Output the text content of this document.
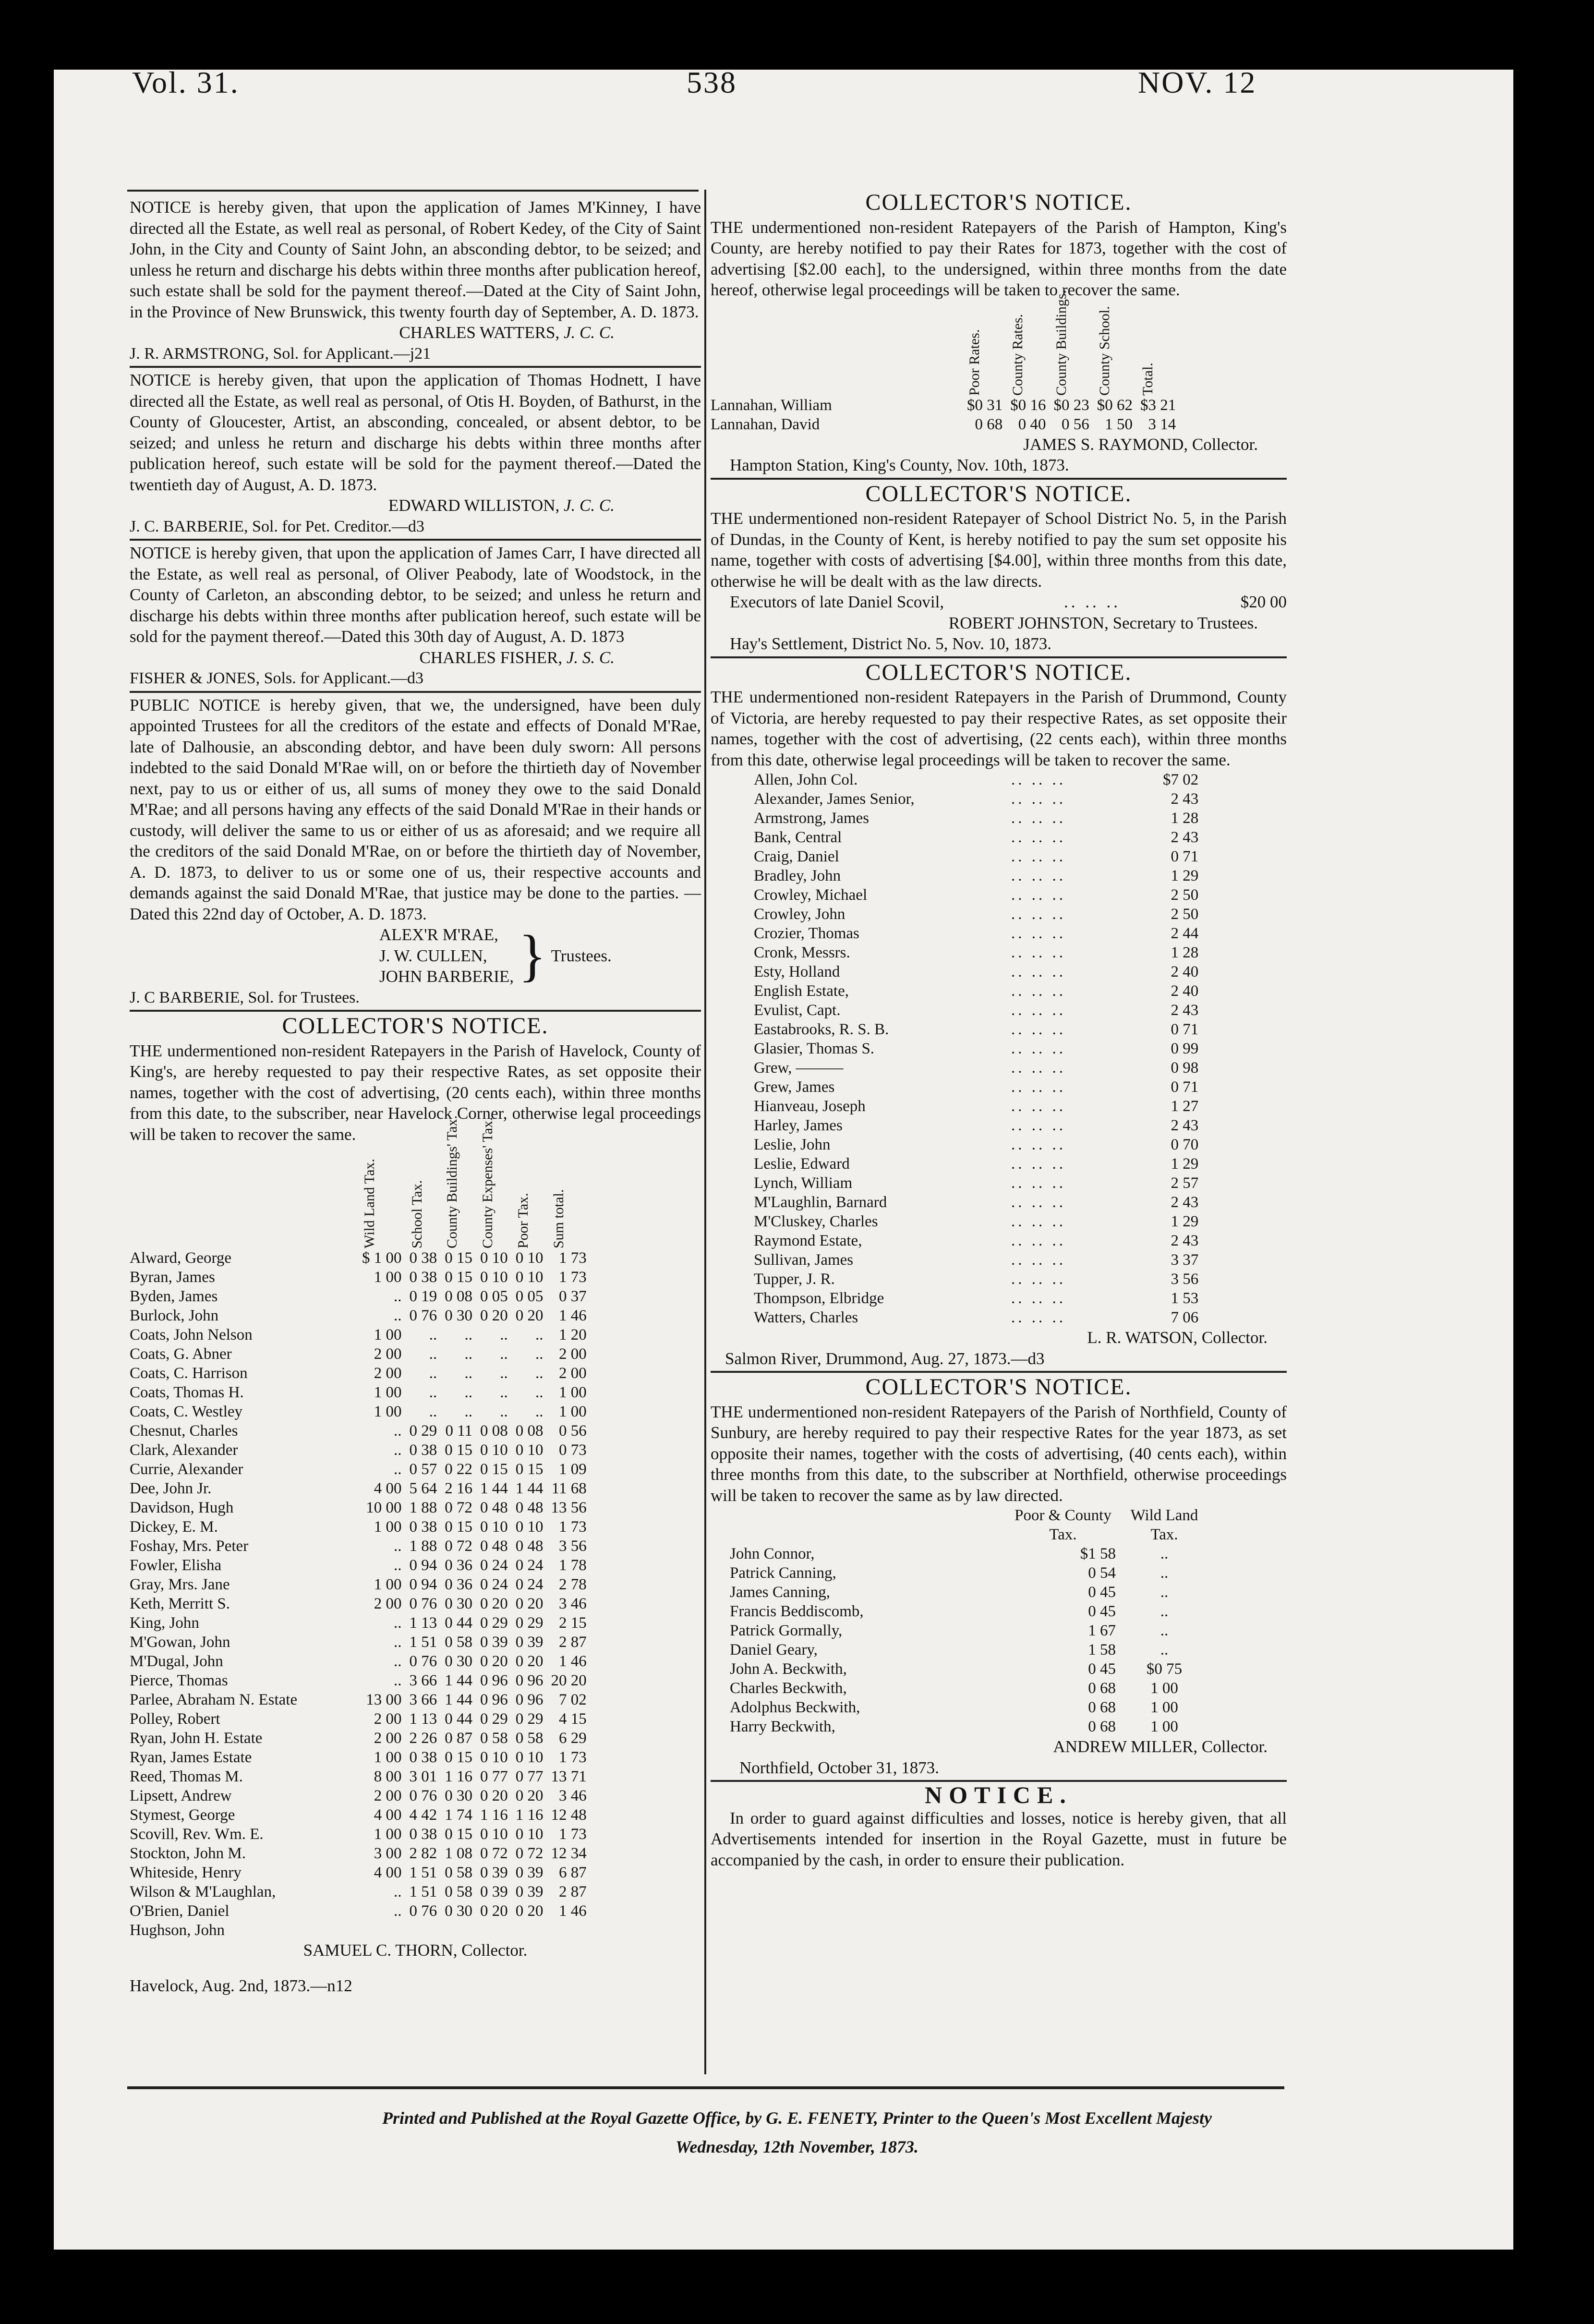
Vol. 31.	538	NOV. 12

NOTICE is hereby given, that upon the application of James M'Kinney, I have directed all the Estate, as well real as personal, of Robert Kedey, of the City of Saint John, in the City and County of Saint John, an absconding debtor, to be seized; and unless he return and discharge his debts within three months after publication hereof, such estate shall be sold for the payment thereof.—Dated at the City of Saint John, in the Province of New Brunswick, this twenty fourth day of September, A. D. 1873.

CHARLES WATTERS, J. C. C.
J. R. ARMSTRONG, Sol. for Applicant.—j21

NOTICE is hereby given, that upon the application of Thomas Hodnett, I have directed all the Estate, as well real as personal, of Otis H. Boyden, of Bathurst, in the County of Gloucester, Artist, an absconding, concealed, or absent debtor, to be seized; and unless he return and discharge his debts within three months after publication hereof, such estate will be sold for the payment thereof.—Dated the twentieth day of August, A. D. 1873.

EDWARD WILLISTON, J. C. C.
J. C. BARBERIE, Sol. for Pet. Creditor.—d3

NOTICE is hereby given, that upon the application of James Carr, I have directed all the Estate, as well real as personal, of Oliver Peabody, late of Woodstock, in the County of Carleton, an absconding debtor, to be seized; and unless he return and discharge his debts within three months after publication hereof, such estate will be sold for the payment thereof.—Dated this 30th day of August, A. D. 1873

CHARLES FISHER, J. S. C.
FISHER & JONES, Sols. for Applicant.—d3

PUBLIC NOTICE is hereby given, that we, the undersigned, have been duly appointed Trustees for all the creditors of the estate and effects of Donald M'Rae, late of Dalhousie, an absconding debtor, and have been duly sworn: All persons indebted to the said Donald M'Rae will, on or before the thirtieth day of November next, pay to us or either of us, all sums of money they owe to the said Donald M'Rae; and all persons having any effects of the said Donald M'Rae in their hands or custody, will deliver the same to us or either of us as aforesaid; and we require all the creditors of the said Donald M'Rae, on or before the thirtieth day of November, A. D. 1873, to deliver to us or some one of us, their respective accounts and demands against the said Donald M'Rae, that justice may be done to the parties. —Dated this 22nd day of October, A. D. 1873.

ALEX'R M'RAE,
J. W. CULLEN,
JOHN BARBERIE, } Trustees.
J. C BARBERIE, Sol. for Trustees.
COLLECTOR'S NOTICE.

THE undermentioned non-resident Ratepayers in the Parish of Havelock, County of King's, are hereby requested to pay their respective Rates, as set opposite their names, together with the cost of advertising, (20 cents each), within three months from this date, to the subscriber, near Havelock Corner, otherwise legal proceedings will be taken to recover the same.

	Wild Land Tax.	School Tax.	County Buildings' Tax.	County Expenses' Tax.	Poor Tax.	Sum total.

Alward, George	$ 1 00	0 38	0 15	0 10	0 10	1 73
Byran, James	1 00	0 38	0 15	0 10	0 10	1 73
Byden, James	..	0 19	0 08	0 05	0 05	0 37
Burlock, John	..	0 76	0 30	0 20	0 20	1 46
Coats, John Nelson	1 00	..	..	..	..	1 20
Coats, G. Abner	2 00	..	..	..	..	2 00
Coats, C. Harrison	2 00	..	..	..	..	2 00
Coats, Thomas H.	1 00	..	..	..	..	1 00
Coats, C. Westley	1 00	..	..	..	..	1 00
Chesnut, Charles	..	0 29	0 11	0 08	0 08	0 56
Clark, Alexander	..	0 38	0 15	0 10	0 10	0 73
Currie, Alexander	..	0 57	0 22	0 15	0 15	1 09
Dee, John Jr.	4 00	5 64	2 16	1 44	1 44	11 68
Davidson, Hugh	10 00	1 88	0 72	0 48	0 48	13 56
Dickey, E. M.	1 00	0 38	0 15	0 10	0 10	1 73
Foshay, Mrs. Peter	..	1 88	0 72	0 48	0 48	3 56
Fowler, Elisha	..	0 94	0 36	0 24	0 24	1 78
Gray, Mrs. Jane	1 00	0 94	0 36	0 24	0 24	2 78
Keth, Merritt S.	2 00	0 76	0 30	0 20	0 20	3 46
King, John	..	1 13	0 44	0 29	0 29	2 15
M'Gowan, John	..	1 51	0 58	0 39	0 39	2 87
M'Dugal, John	..	0 76	0 30	0 20	0 20	1 46
Pierce, Thomas	..	3 66	1 44	0 96	0 96	20 20
Parlee, Abraham N. Estate	13 00	3 66	1 44	0 96	0 96	7 02
Polley, Robert	2 00	1 13	0 44	0 29	0 29	4 15
Ryan, John H. Estate	2 00	2 26	0 87	0 58	0 58	6 29
Ryan, James Estate	1 00	0 38	0 15	0 10	0 10	1 73
Reed, Thomas M.	8 00	3 01	1 16	0 77	0 77	13 71
Lipsett, Andrew	2 00	0 76	0 30	0 20	0 20	3 46
Stymest, George	4 00	4 42	1 74	1 16	1 16	12 48
Scovill, Rev. Wm. E.	1 00	0 38	0 15	0 10	0 10	1 73
Stockton, John M.	3 00	2 82	1 08	0 72	0 72	12 34
Whiteside, Henry	4 00	1 51	0 58	0 39	0 39	6 87
Wilson & M'Laughlan,	..	1 51	0 58	0 39	0 39	2 87
O'Brien, Daniel	..	0 76	0 30	0 20	0 20	1 46
Hughson, John						
SAMUEL C. THORN, Collector.
Havelock, Aug. 2nd, 1873.—n12
COLLECTOR'S NOTICE.

THE undermentioned non-resident Ratepayers of the Parish of Hampton, King's County, are hereby notified to pay their Rates for 1873, together with the cost of advertising [$2.00 each], to the undersigned, within three months from the date hereof, otherwise legal proceedings will be taken to recover the same.

	Poor Rates.	County Rates.	County Buildings.	County School.	Total.

Lannahan, William	$0 31	$0 16	$0 23	$0 62	$3 21
Lannahan, David	0 68	0 40	0 56	1 50	3 14
JAMES S. RAYMOND, Collector.
Hampton Station, King's County, Nov. 10th, 1873.
COLLECTOR'S NOTICE.

THE undermentioned non-resident Ratepayer of School District No. 5, in the Parish of Dundas, in the County of Kent, is hereby notified to pay the sum set opposite his name, together with costs of advertising [$4.00], within three months from this date, otherwise he will be dealt with as the law directs.

Executors of late Daniel Scovil,	.. .. ..	$20 00
ROBERT JOHNSTON, Secretary to Trustees.
Hay's Settlement, District No. 5, Nov. 10, 1873.
COLLECTOR'S NOTICE.

THE undermentioned non-resident Ratepayers in the Parish of Drummond, County of Victoria, are hereby requested to pay their respective Rates, as set opposite their names, together with the cost of advertising, (22 cents each), within three months from this date, otherwise legal proceedings will be taken to recover the same.

Allen, John Col.	.. .. ..	$7 02
Alexander, James Senior,	.. .. ..	2 43
Armstrong, James	.. .. ..	1 28
Bank, Central	.. .. ..	2 43
Craig, Daniel	.. .. ..	0 71
Bradley, John	.. .. ..	1 29
Crowley, Michael	.. .. ..	2 50
Crowley, John	.. .. ..	2 50
Crozier, Thomas	.. .. ..	2 44
Cronk, Messrs.	.. .. ..	1 28
Esty, Holland	.. .. ..	2 40
English Estate,	.. .. ..	2 40
Evulist, Capt.	.. .. ..	2 43
Eastabrooks, R. S. B.	.. .. ..	0 71
Glasier, Thomas S.	.. .. ..	0 99
Grew, ———	.. .. ..	0 98
Grew, James	.. .. ..	0 71
Hianveau, Joseph	.. .. ..	1 27
Harley, James	.. .. ..	2 43
Leslie, John	.. .. ..	0 70
Leslie, Edward	.. .. ..	1 29
Lynch, William	.. .. ..	2 57
M'Laughlin, Barnard	.. .. ..	2 43
M'Cluskey, Charles	.. .. ..	1 29
Raymond Estate,	.. .. ..	2 43
Sullivan, James	.. .. ..	3 37
Tupper, J. R.	.. .. ..	3 56
Thompson, Elbridge	.. .. ..	1 53
Watters, Charles	.. .. ..	7 06
L. R. WATSON, Collector.
Salmon River, Drummond, Aug. 27, 1873.—d3
COLLECTOR'S NOTICE.

THE undermentioned non-resident Ratepayers of the Parish of Northfield, County of Sunbury, are hereby required to pay their respective Rates for the year 1873, as set opposite their names, together with the costs of advertising, (40 cents each), within three months from this date, to the subscriber at Northfield, otherwise proceedings will be taken to recover the same as by law directed.

	Poor & County Tax.	Wild Land Tax.
John Connor,	$1 58	..
Patrick Canning,	0 54	..
James Canning,	0 45	..
Francis Beddiscomb,	0 45	..
Patrick Gormally,	1 67	..
Daniel Geary,	1 58	..
John A. Beckwith,	0 45	$0 75
Charles Beckwith,	0 68	1 00
Adolphus Beckwith,	0 68	1 00
Harry Beckwith,	0 68	1 00
ANDREW MILLER, Collector.
Northfield, October 31, 1873.
NOTICE.

In order to guard against difficulties and losses, notice is hereby given, that all Advertisements intended for insertion in the Royal Gazette, must in future be accompanied by the cash, in order to ensure their publication.

Printed and Published at the Royal Gazette Office, by G. E. FENETY, Printer to the Queen's Most Excellent Majesty
Wednesday, 12th November, 1873.
